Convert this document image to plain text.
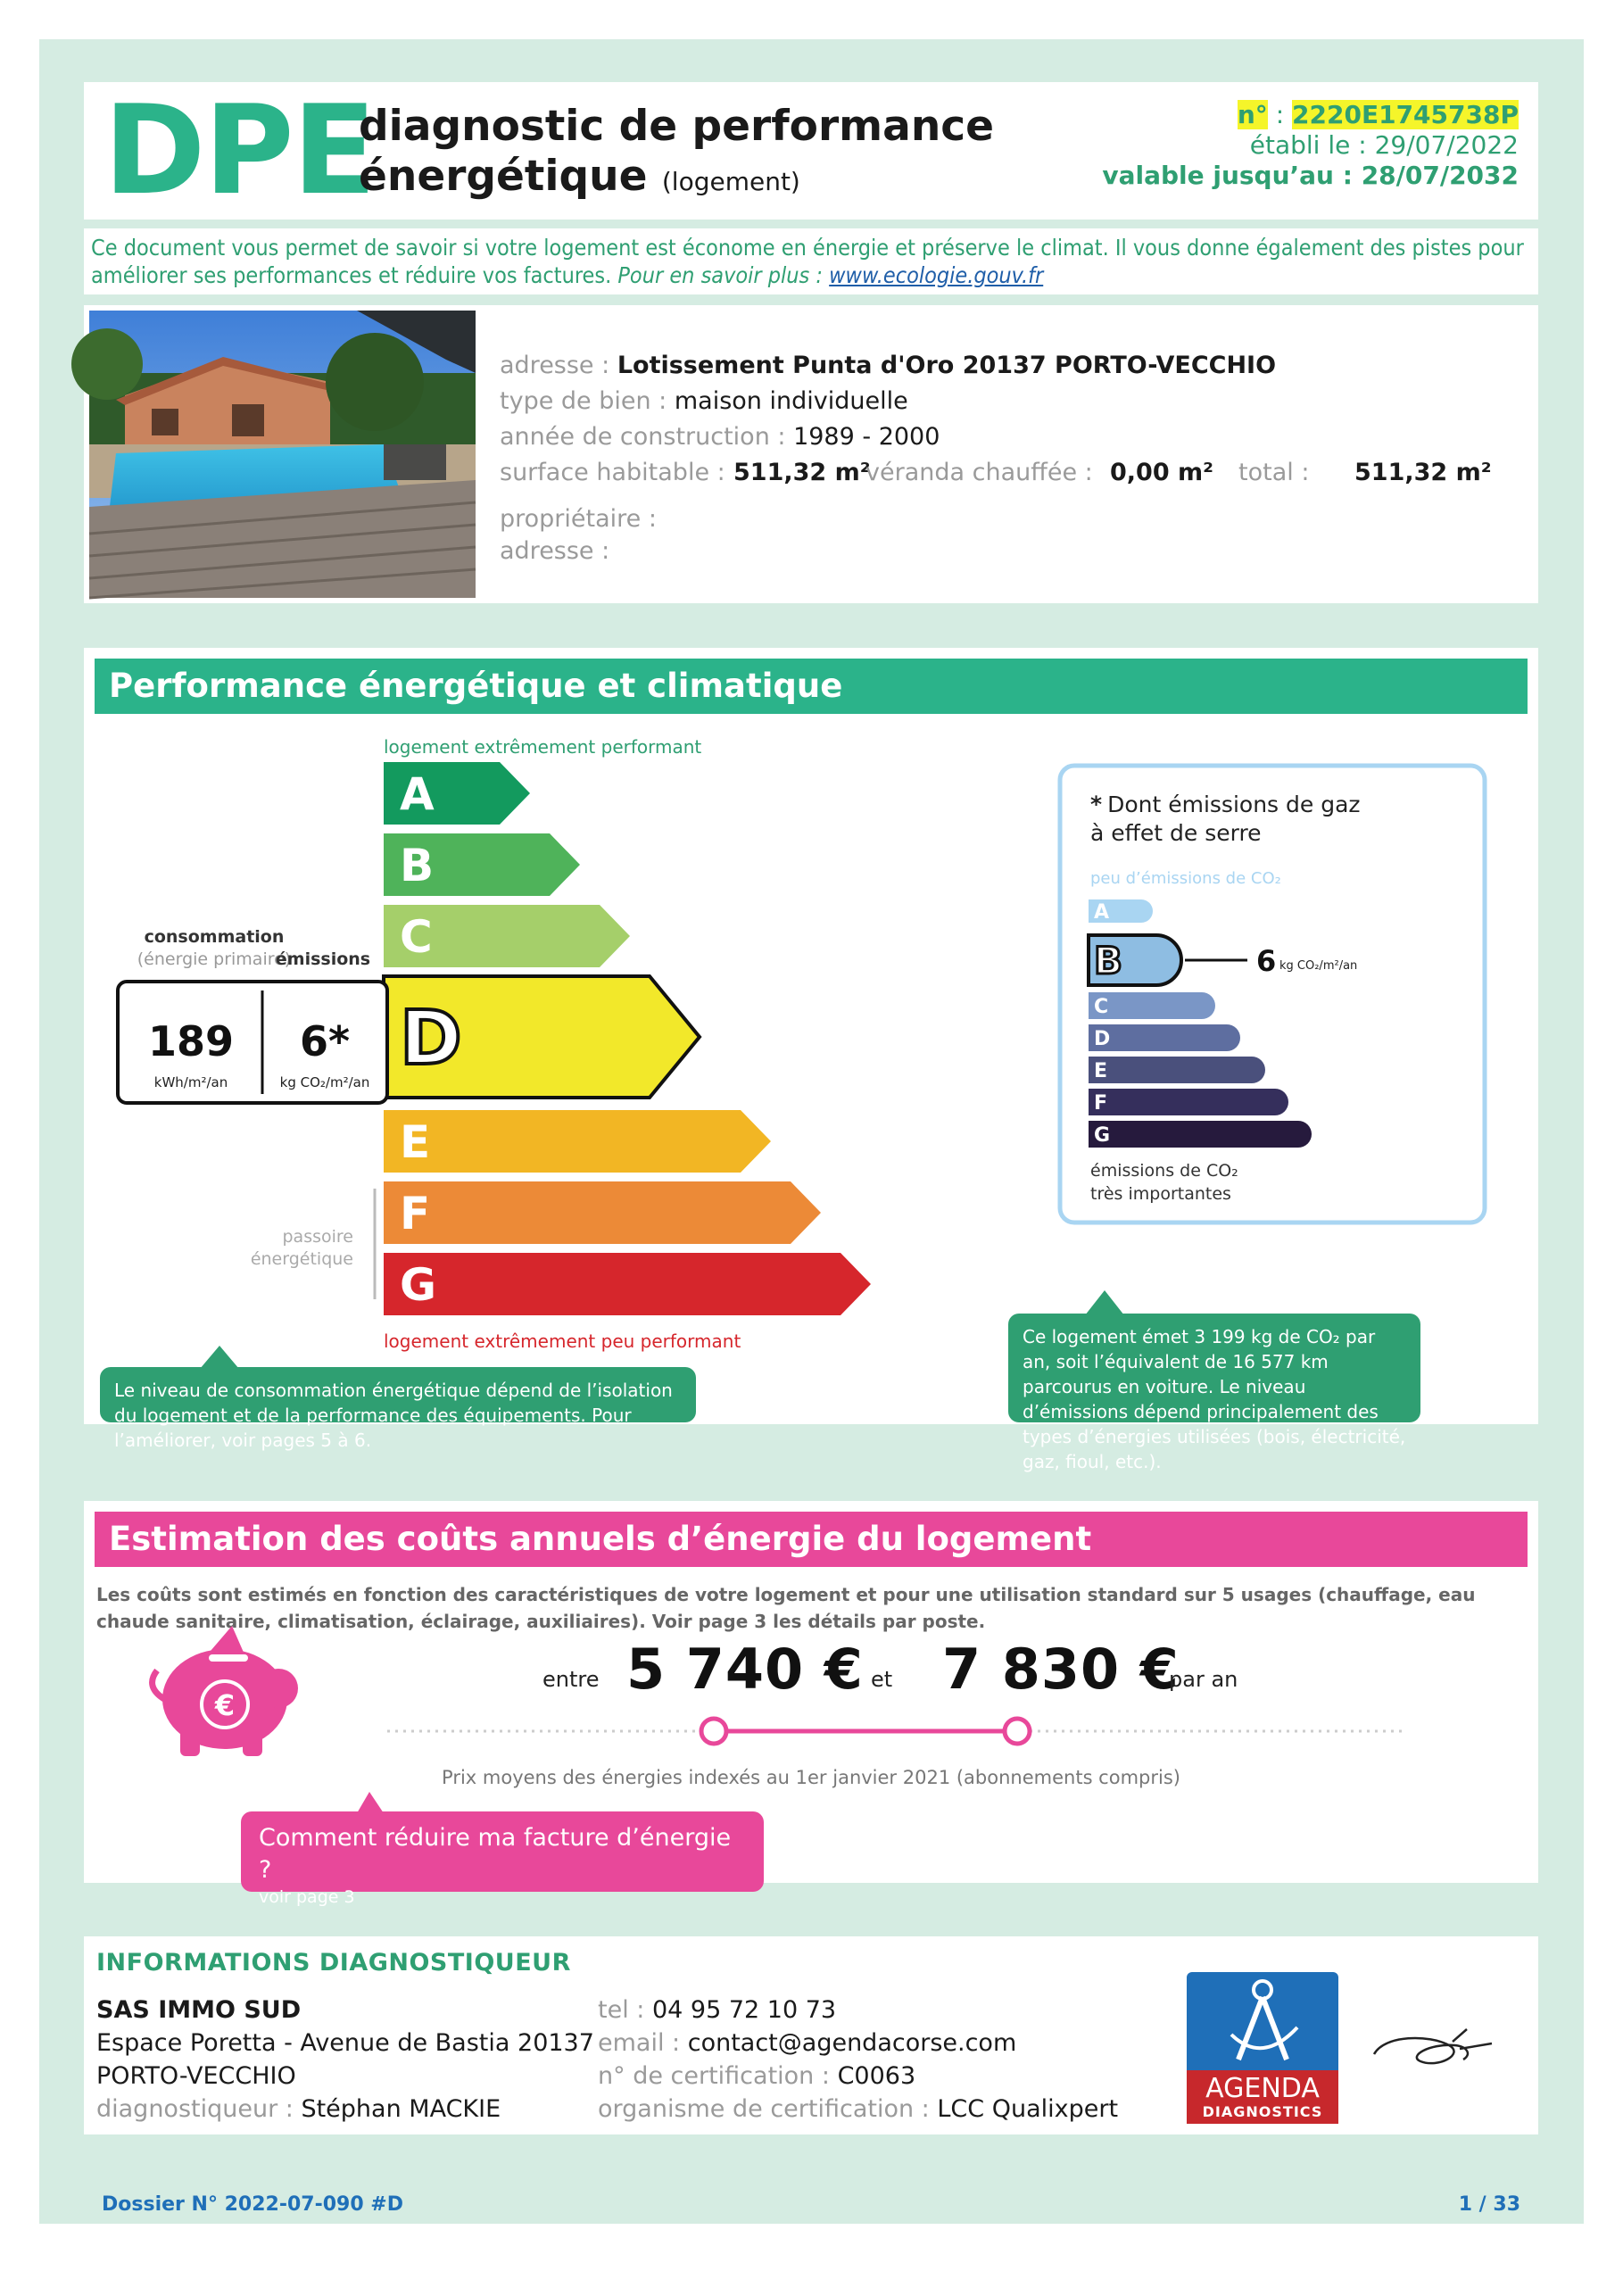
DPE
diagnostic de performance
énergétique (logement)
n° : 2220E1745738P
établi le : 29/07/2022
valable jusqu’au : 28/07/2032
Ce document vous permet de savoir si votre logement est économe en énergie et préserve le climat. Il vous donne également des pistes pour améliorer ses performances et réduire vos factures. Pour en savoir plus : www.ecologie.gouv.fr
adresse : Lotissement Punta d'Oro 20137 PORTO-VECCHIO
type de bien : maison individuelle
année de construction : 1989 - 2000
surface habitable : 511,32 m²
véranda chauffée : 0,00 m² total : 511,32 m²
propriétaire :
adresse :
Performance énergétique et climatique
logement extrêmement performant
A
B
C
D
E
F
G
logement extrêmement peu performant
consommation
(énergie primaire)
émissions
189
kWh/m²/an
6*
kg CO₂/m²/an
passoire
énergétique
* Dont émissions de gaz
à effet de serre
peu d’émissions de CO₂
A
B	6 kg CO₂/m²/an
C
D
E
F
G
émissions de CO₂
très importantes
Le niveau de consommation énergétique dépend de l’isolation du logement et de la performance des équipements. Pour l’améliorer, voir pages 5 à 6.
Ce logement émet 3 199 kg de CO₂ par an, soit l’équivalent de 16 577 km parcourus en voiture. Le niveau d’émissions dépend principalement des types d’énergies utilisées (bois, électricité, gaz, fioul, etc.).
Estimation des coûts annuels d’énergie du logement
Les coûts sont estimés en fonction des caractéristiques de votre logement et pour une utilisation standard sur 5 usages (chauffage, eau chaude sanitaire, climatisation, éclairage, auxiliaires). Voir page 3 les détails par poste.
€
entre 5 740 € et 7 830 €
par an
Prix moyens des énergies indexés au 1er janvier 2021 (abonnements compris)
Comment réduire ma facture d’énergie ?
voir page 3
INFORMATIONS DIAGNOSTIQUEUR
SAS IMMO SUD
Espace Poretta - Avenue de Bastia 20137
PORTO-VECCHIO
diagnostiqueur : Stéphan MACKIE
tel : 04 95 72 10 73
email : contact@agendacorse.com
n° de certification : C0063
organisme de certification : LCC Qualixpert
AGENDA
DIAGNOSTICS
Dossier N° 2022-07-090 #D	1 / 33
